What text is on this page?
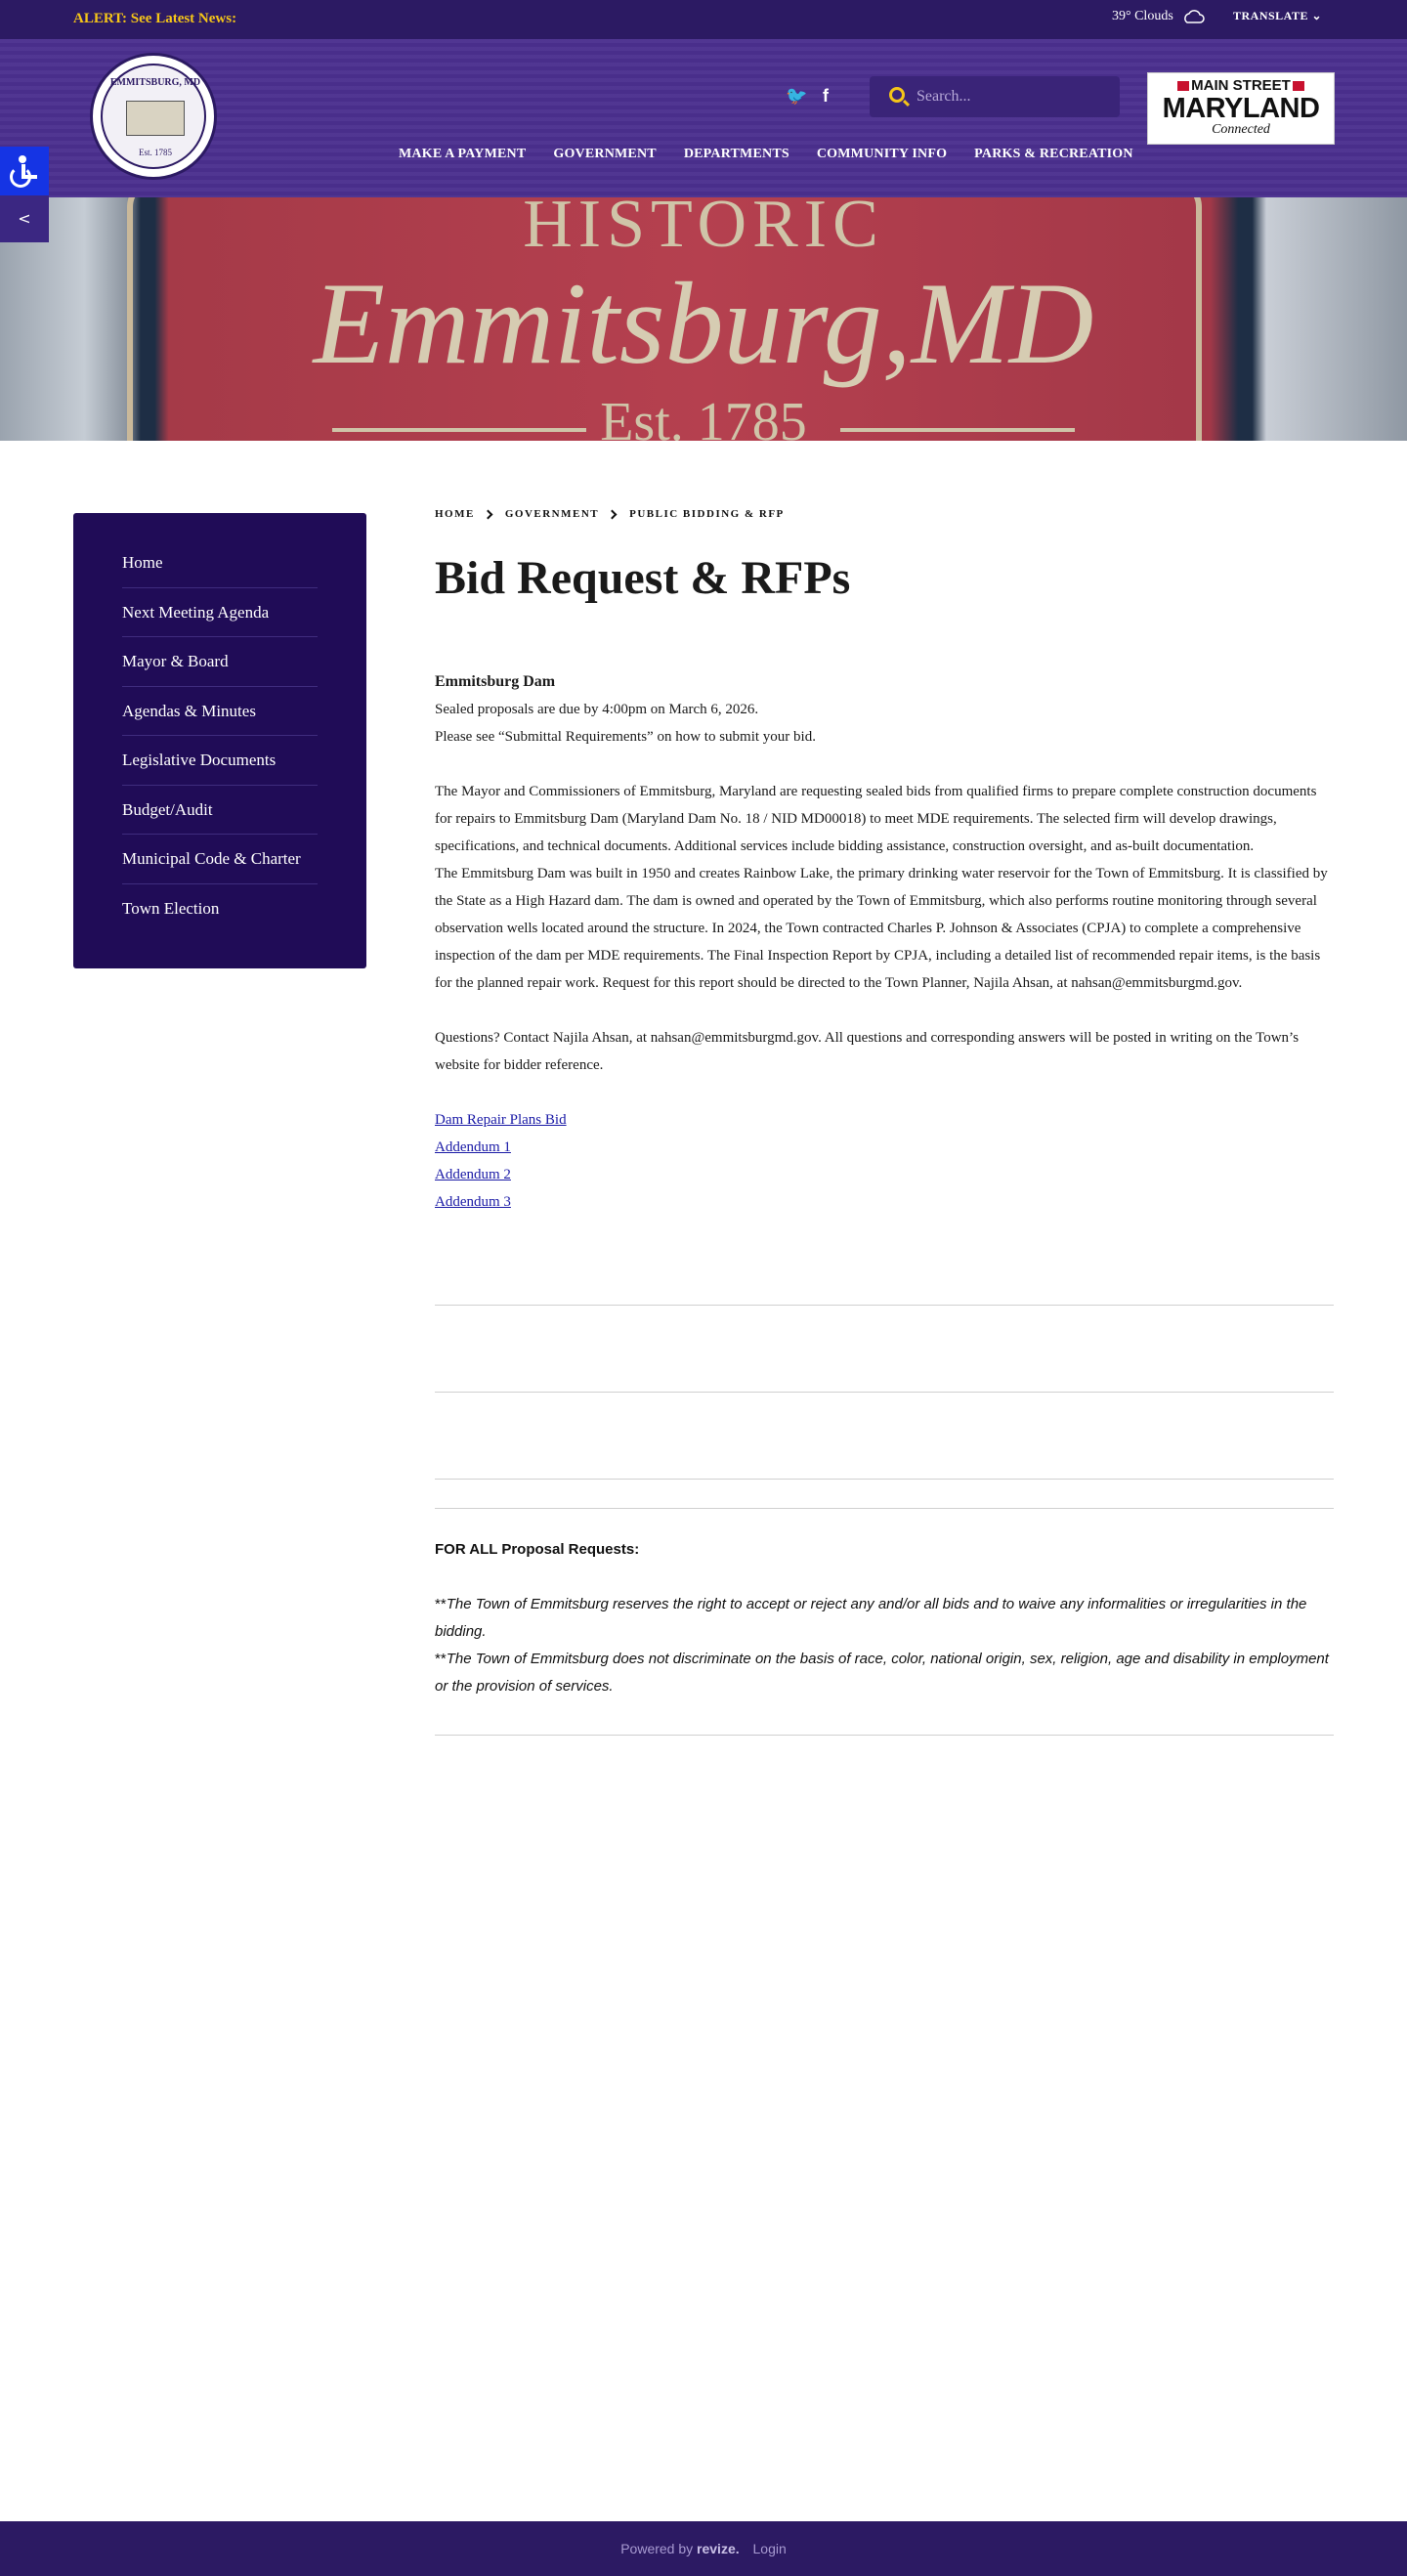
ALERT: See Latest News:	39° Clouds	TRANSLATE ⌄
EMMITSBURG, MD
Est. 1785
🐦 f
Search...
MAIN STREET
MARYLAND
Connected
MAKE A PAYMENT GOVERNMENT DEPARTMENTS COMMUNITY INFO PARKS & RECREATION
HISTORIC
Emmitsburg,MD
Est. 1785
<
Home
Next Meeting Agenda
Mayor & Board
Agendas & Minutes
Legislative Documents
Budget/Audit
Municipal Code & Charter
Town Election
HOME	GOVERNMENT	PUBLIC BIDDING & RFP
Bid Request & RFPs

Emmitsburg Dam

Sealed proposals are due by 4:00pm on March 6, 2026.

Please see “Submittal Requirements” on how to submit your bid.

The Mayor and Commissioners of Emmitsburg, Maryland are requesting sealed bids from qualified firms to prepare complete construction documents for repairs to Emmitsburg Dam (Maryland Dam No. 18 / NID MD00018) to meet MDE requirements. The selected firm will develop drawings, specifications, and technical documents. Additional services include bidding assistance, construction oversight, and as-built documentation.

The Emmitsburg Dam was built in 1950 and creates Rainbow Lake, the primary drinking water reservoir for the Town of Emmitsburg. It is classified by the State as a High Hazard dam. The dam is owned and operated by the Town of Emmitsburg, which also performs routine monitoring through several observation wells located around the structure. In 2024, the Town contracted Charles P. Johnson & Associates (CPJA) to complete a comprehensive inspection of the dam per MDE requirements. The Final Inspection Report by CPJA, including a detailed list of recommended repair items, is the basis for the planned repair work. Request for this report should be directed to the Town Planner, Najila Ahsan, at nahsan@emmitsburgmd.gov.

Questions? Contact Najila Ahsan, at nahsan@emmitsburgmd.gov. All questions and corresponding answers will be posted in writing on the Town’s website for bidder reference.

Dam Repair Plans Bid
Addendum 1
Addendum 2
Addendum 3

FOR ALL Proposal Requests:

**The Town of Emmitsburg reserves the right to accept or reject any and/or all bids and to waive any informalities or irregularities in the bidding.

**The Town of Emmitsburg does not discriminate on the basis of race, color, national origin, sex, religion, age and disability in employment or the provision of services.

Powered by revize. Login
